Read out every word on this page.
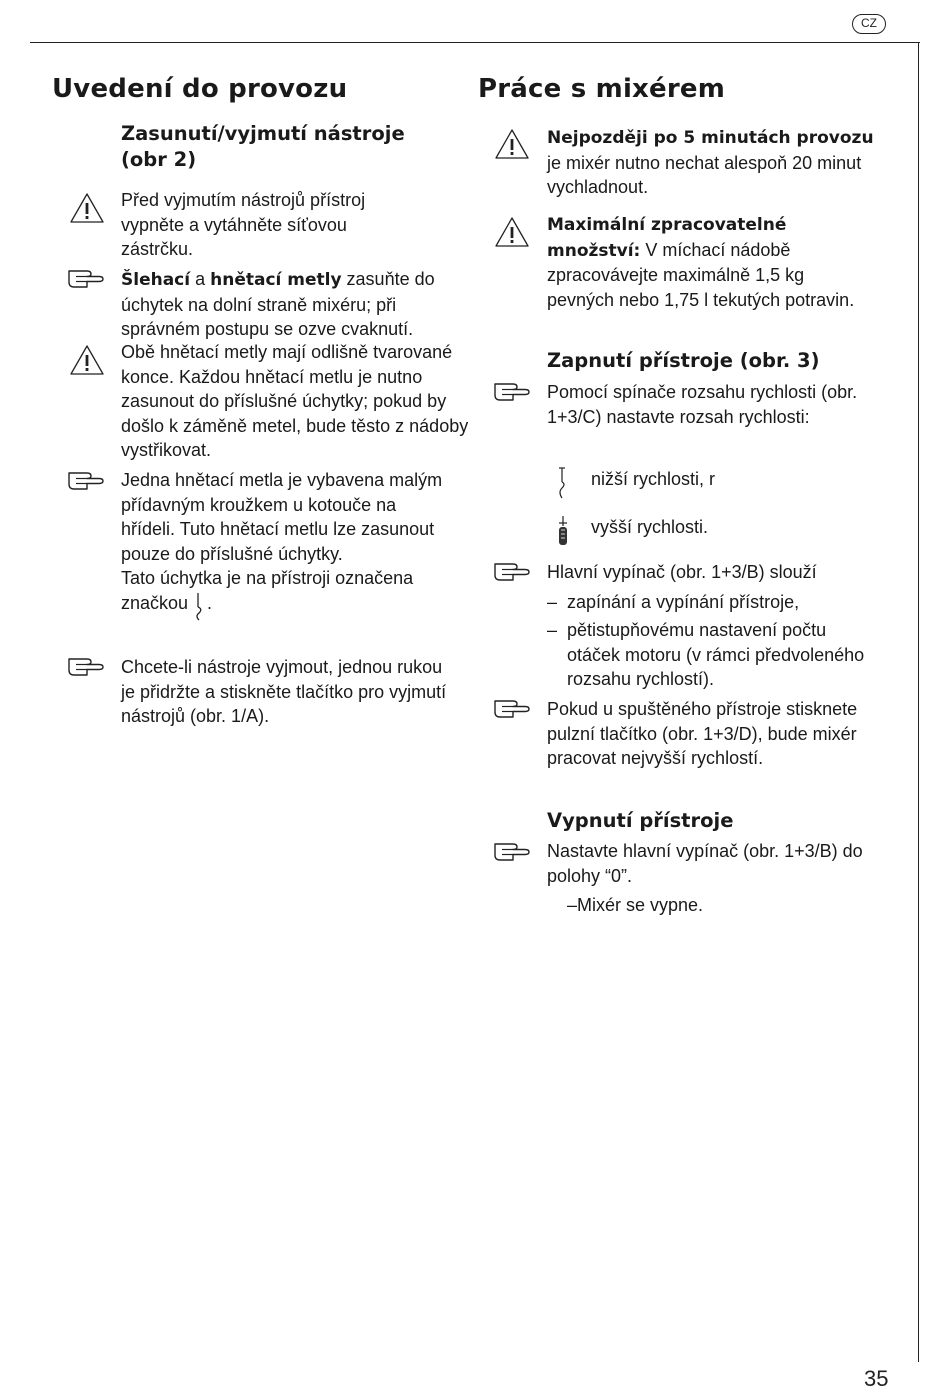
CZ
35
Uvedení do provozu
Zasunutí/vyjmutí nástroje (obr 2)
Před vyjmutím nástrojů přístroj vypněte a vytáhněte síťovou zástrčku.
Šlehací a hnětací metly zasuňte do úchytek na dolní straně mixéru; při správném postupu se ozve cvaknutí.
Obě hnětací metly mají odlišně tvarované konce. Každou hnětací metlu je nutno zasunout do příslušné úchytky; pokud by došlo k záměně metel, bude těsto z nádoby vystřikovat.
Jedna hnětací metla je vybavena malým přídavným kroužkem u kotouče na hřídeli. Tuto hnětací metlu lze zasunout pouze do příslušné úchytky.
Tato úchytka je na přístroji označena značkou .
Chcete-li nástroje vyjmout, jednou rukou je přidržte a stiskněte tlačítko pro vyjmutí nástrojů (obr. 1/A).
Práce s mixérem
Nejpozději po 5 minutách provozu je mixér nutno nechat alespoň 20 minut vychladnout.
Maximální zpracovatelné množství: V míchací nádobě zpracovávejte maximálně 1,5 kg pevných nebo 1,75 l tekutých potravin.
Zapnutí přístroje (obr. 3)
Pomocí spínače rozsahu rychlosti (obr. 1+3/C) nastavte rozsah rychlosti:
nižší rychlosti, r
vyšší rychlosti.
Hlavní vypínač (obr. 1+3/B) slouží
– zapínání a vypínání přístroje,
– pětistupňovému nastavení počtu otáček motoru (v rámci předvoleného rozsahu rychlostí).
Pokud u spuštěného přístroje stisknete pulzní tlačítko (obr. 1+3/D), bude mixér pracovat nejvyšší rychlostí.
Vypnutí přístroje
Nastavte hlavní vypínač (obr. 1+3/B) do polohy “0”.
–Mixér se vypne.
